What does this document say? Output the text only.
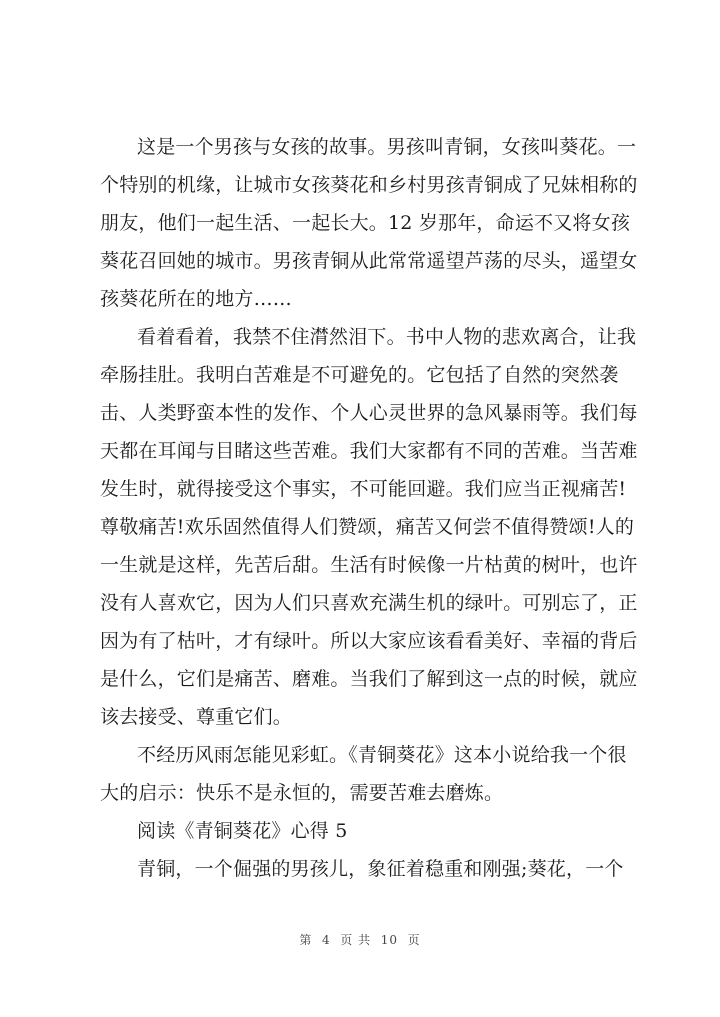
这是一个男孩与女孩的故事。男孩叫青铜，女孩叫葵花。一
个特别的机缘，让城市女孩葵花和乡村男孩青铜成了兄妹相称的
朋友，他们一起生活、一起长大。12 岁那年，命运不又将女孩
葵花召回她的城市。男孩青铜从此常常遥望芦荡的尽头，遥望女
孩葵花所在的地方……
看着看着，我禁不住潸然泪下。书中人物的悲欢离合，让我
牵肠挂肚。我明白苦难是不可避免的。它包括了自然的突然袭
击、人类野蛮本性的发作、个人心灵世界的急风暴雨等。我们每
天都在耳闻与目睹这些苦难。我们大家都有不同的苦难。当苦难
发生时，就得接受这个事实，不可能回避。我们应当正视痛苦!
尊敬痛苦!欢乐固然值得人们赞颂，痛苦又何尝不值得赞颂!人的
一生就是这样，先苦后甜。生活有时候像一片枯黄的树叶，也许
没有人喜欢它，因为人们只喜欢充满生机的绿叶。可别忘了，正
因为有了枯叶，才有绿叶。所以大家应该看看美好、幸福的背后
是什么，它们是痛苦、磨难。当我们了解到这一点的时候，就应
该去接受、尊重它们。
不经历风雨怎能见彩虹。《青铜葵花》这本小说给我一个很
大的启示：快乐不是永恒的，需要苦难去磨炼。
阅读《青铜葵花》心得 5
青铜，一个倔强的男孩儿，象征着稳重和刚强;葵花，一个
第  4  页 共  10  页
